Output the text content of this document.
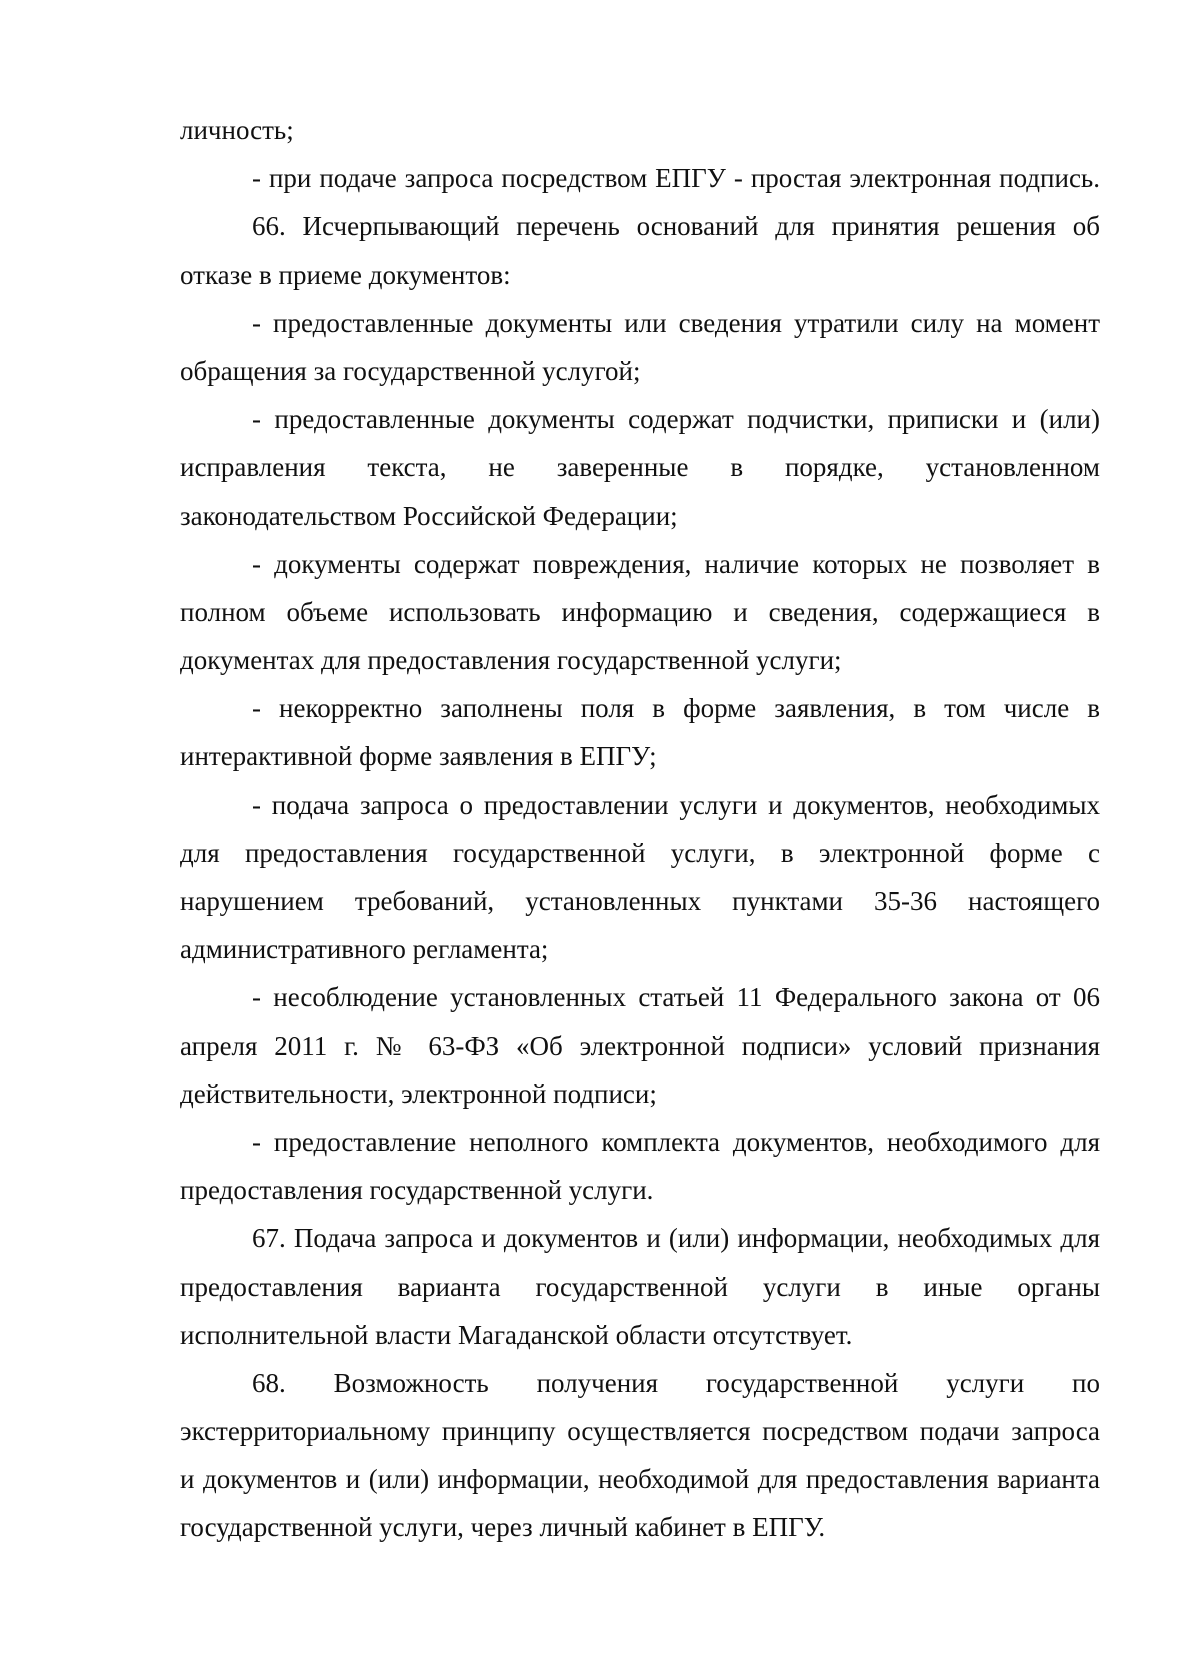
личность;
- при подаче запроса посредством ЕПГУ - простая электронная подпись.
66. Исчерпывающий перечень оснований для принятия решения об
отказе в приеме документов:
- предоставленные документы или сведения утратили силу на момент
обращения за государственной услугой;
- предоставленные документы содержат подчистки, приписки и (или)
исправления текста, не заверенные в порядке, установленном
законодательством Российской Федерации;
- документы содержат повреждения, наличие которых не позволяет в
полном объеме использовать информацию и сведения, содержащиеся в
документах для предоставления государственной услуги;
- некорректно заполнены поля в форме заявления, в том числе в
интерактивной форме заявления в ЕПГУ;
- подача запроса о предоставлении услуги и документов, необходимых
для предоставления государственной услуги, в электронной форме с
нарушением требований, установленных пунктами 35-36 настоящего
административного регламента;
- несоблюдение установленных статьей 11 Федерального закона от 06
апреля 2011 г. № 63-ФЗ «Об электронной подписи» условий признания
действительности, электронной подписи;
- предоставление неполного комплекта документов, необходимого для
предоставления государственной услуги.
67. Подача запроса и документов и (или) информации, необходимых для
предоставления варианта государственной услуги в иные органы
исполнительной власти Магаданской области отсутствует.
68. Возможность получения государственной услуги по
экстерриториальному принципу осуществляется посредством подачи запроса
и документов и (или) информации, необходимой для предоставления варианта
государственной услуги, через личный кабинет в ЕПГУ.
